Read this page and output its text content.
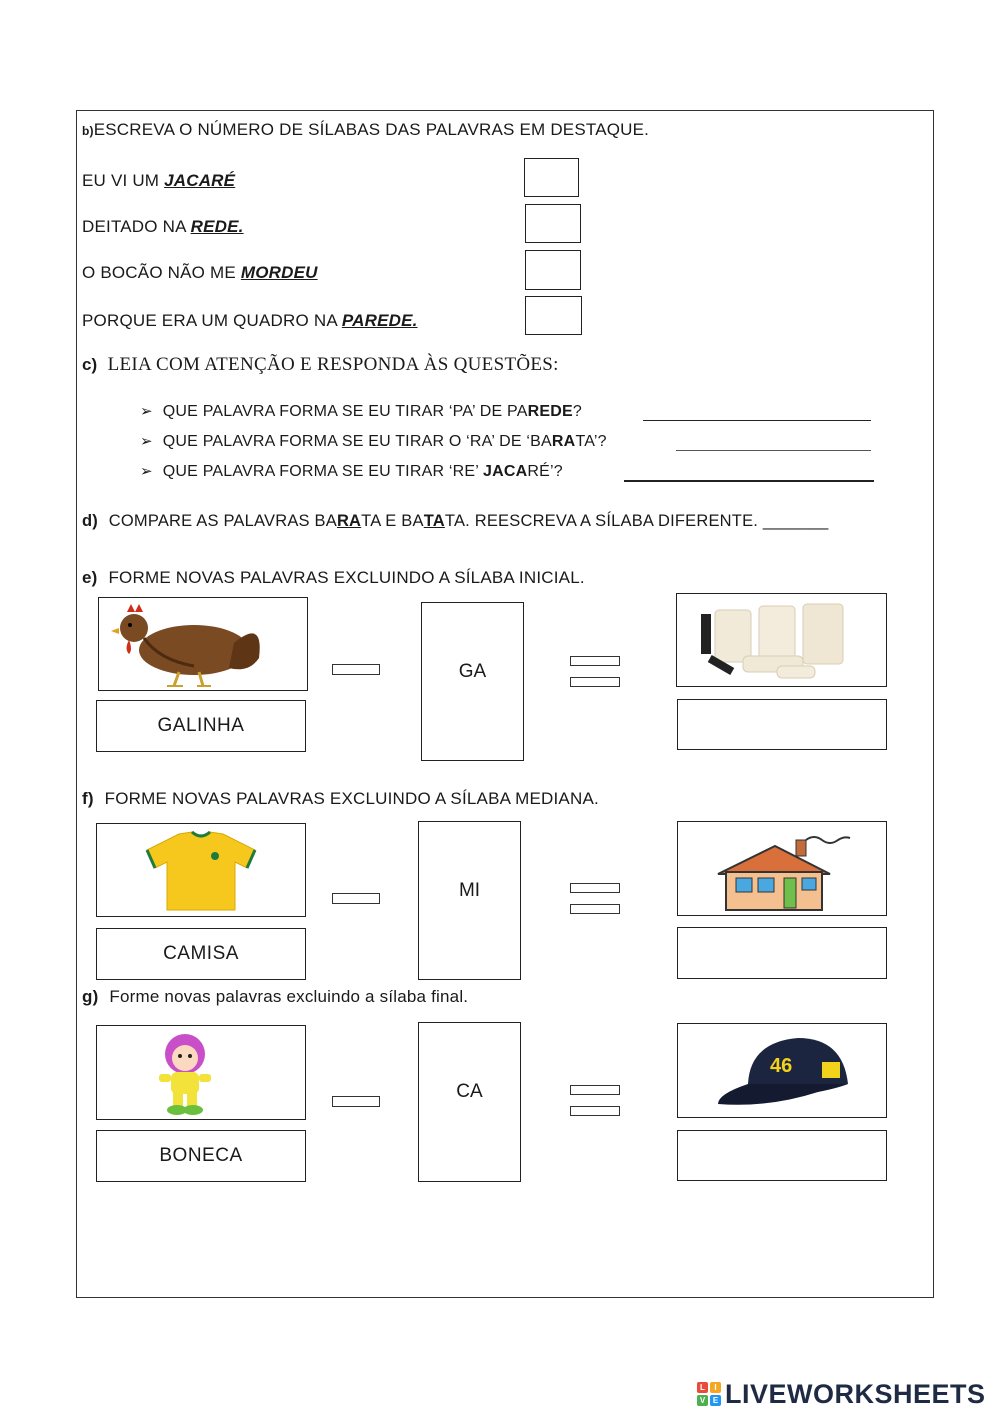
b)ESCREVA O NÚMERO DE SÍLABAS DAS PALAVRAS EM DESTAQUE.
EU VI UM JACARÉ
DEITADO NA REDE.
O BOCÃO NÃO ME MORDEU
PORQUE ERA UM QUADRO NA PAREDE.
c) LEIA COM ATENÇÃO E RESPONDA ÀS QUESTÕES:
➢ QUE PALAVRA FORMA SE EU TIRAR ‘PA’ DE PAREDE?
➢ QUE PALAVRA FORMA SE EU TIRAR O ‘RA’ DE ‘BARATA’?
➢ QUE PALAVRA FORMA SE EU TIRAR ‘RE’ JACARÉ’?
d) COMPARE AS PALAVRAS BARATA E BATATA. REESCREVA A SÍLABA DIFERENTE. _______
e) FORME NOVAS PALAVRAS EXCLUINDO A SÍLABA INICIAL.
GALINHA
GA
f) FORME NOVAS PALAVRAS EXCLUINDO A SÍLABA MEDIANA.
CAMISA
MI
g) Forme novas palavras excluindo a sílaba final.
BONECA
CA
46
L	I
V E LIVEWORKSHEETS
